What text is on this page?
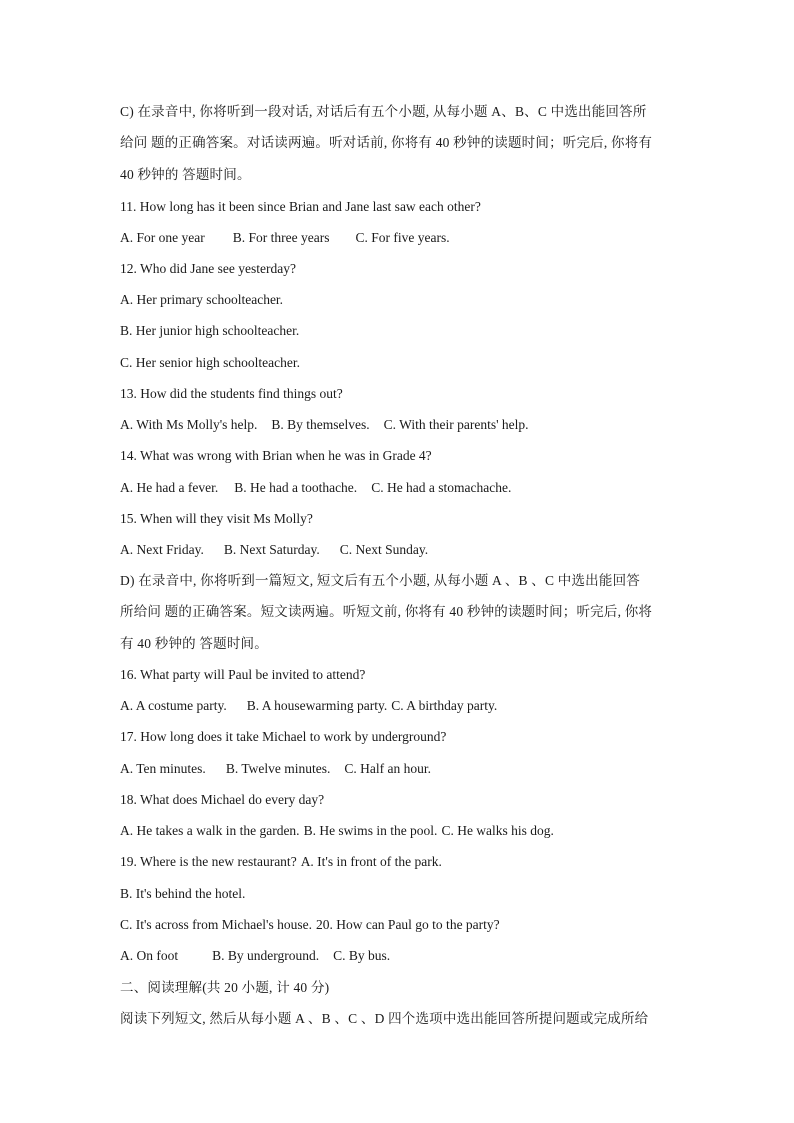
C) 在录音中, 你将听到一段对话, 对话后有五个小题, 从每小题 A、B、C 中选出能回答所
给问 题的正确答案。对话读两遍。听对话前, 你将有 40 秒钟的读题时间；听完后, 你将有
40 秒钟的 答题时间。
11. How long has it been since Brian and Jane last saw each other?
A. For one year B. For three years C. For five years.
12. Who did Jane see yesterday?
A. Her primary schoolteacher.
B. Her junior high schoolteacher.
C. Her senior high schoolteacher.
13. How did the students find things out?
A. With Ms Molly's help. B. By themselves. C. With their parents' help.
14. What was wrong with Brian when he was in Grade 4?
A. He had a fever. B. He had a toothache. C. He had a stomachache.
15. When will they visit Ms Molly?
A. Next Friday. B. Next Saturday. C. Next Sunday.
D) 在录音中, 你将听到一篇短文, 短文后有五个小题, 从每小题 A 、B 、C 中选出能回答
所给问 题的正确答案。短文读两遍。听短文前, 你将有 40 秒钟的读题时间；听完后, 你将
有 40 秒钟的 答题时间。
16. What party will Paul be invited to attend?
A. A costume party. B. A housewarming party. C. A birthday party.
17. How long does it take Michael to work by underground?
A. Ten minutes. B. Twelve minutes. C. Half an hour.
18. What does Michael do every day?
A. He takes a walk in the garden. B. He swims in the pool. C. He walks his dog.
19. Where is the new restaurant? A. It's in front of the park.
B. It's behind the hotel.
C. It's across from Michael's house. 20. How can Paul go to the party?
A. On foot	B. By underground. C. By bus.
二、阅读理解(共 20 小题, 计 40 分)
阅读下列短文, 然后从每小题 A 、B 、C 、D 四个选项中选出能回答所提问题或完成所给
